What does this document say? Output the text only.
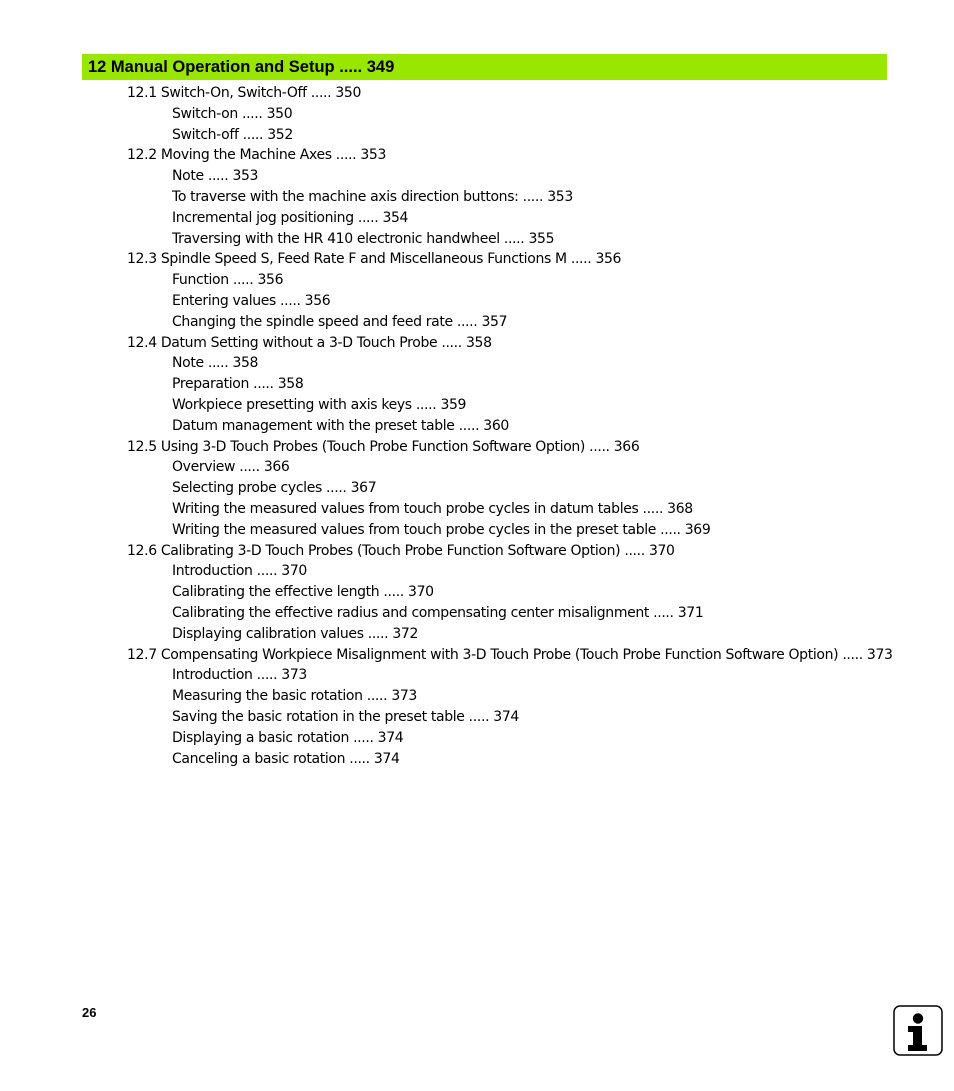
12 Manual Operation and Setup ..... 349
12.1 Switch-On, Switch-Off ..... 350
Switch-on ..... 350
Switch-off ..... 352
12.2 Moving the Machine Axes ..... 353
Note ..... 353
To traverse with the machine axis direction buttons: ..... 353
Incremental jog positioning ..... 354
Traversing with the HR 410 electronic handwheel ..... 355
12.3 Spindle Speed S, Feed Rate F and Miscellaneous Functions M ..... 356
Function ..... 356
Entering values ..... 356
Changing the spindle speed and feed rate ..... 357
12.4 Datum Setting without a 3-D Touch Probe ..... 358
Note ..... 358
Preparation ..... 358
Workpiece presetting with axis keys ..... 359
Datum management with the preset table ..... 360
12.5 Using 3-D Touch Probes (Touch Probe Function Software Option) ..... 366
Overview ..... 366
Selecting probe cycles ..... 367
Writing the measured values from touch probe cycles in datum tables ..... 368
Writing the measured values from touch probe cycles in the preset table ..... 369
12.6 Calibrating 3-D Touch Probes (Touch Probe Function Software Option) ..... 370
Introduction ..... 370
Calibrating the effective length ..... 370
Calibrating the effective radius and compensating center misalignment ..... 371
Displaying calibration values ..... 372
12.7 Compensating Workpiece Misalignment with 3-D Touch Probe (Touch Probe Function Software Option) ..... 373
Introduction ..... 373
Measuring the basic rotation ..... 373
Saving the basic rotation in the preset table ..... 374
Displaying a basic rotation ..... 374
Canceling a basic rotation ..... 374
26
